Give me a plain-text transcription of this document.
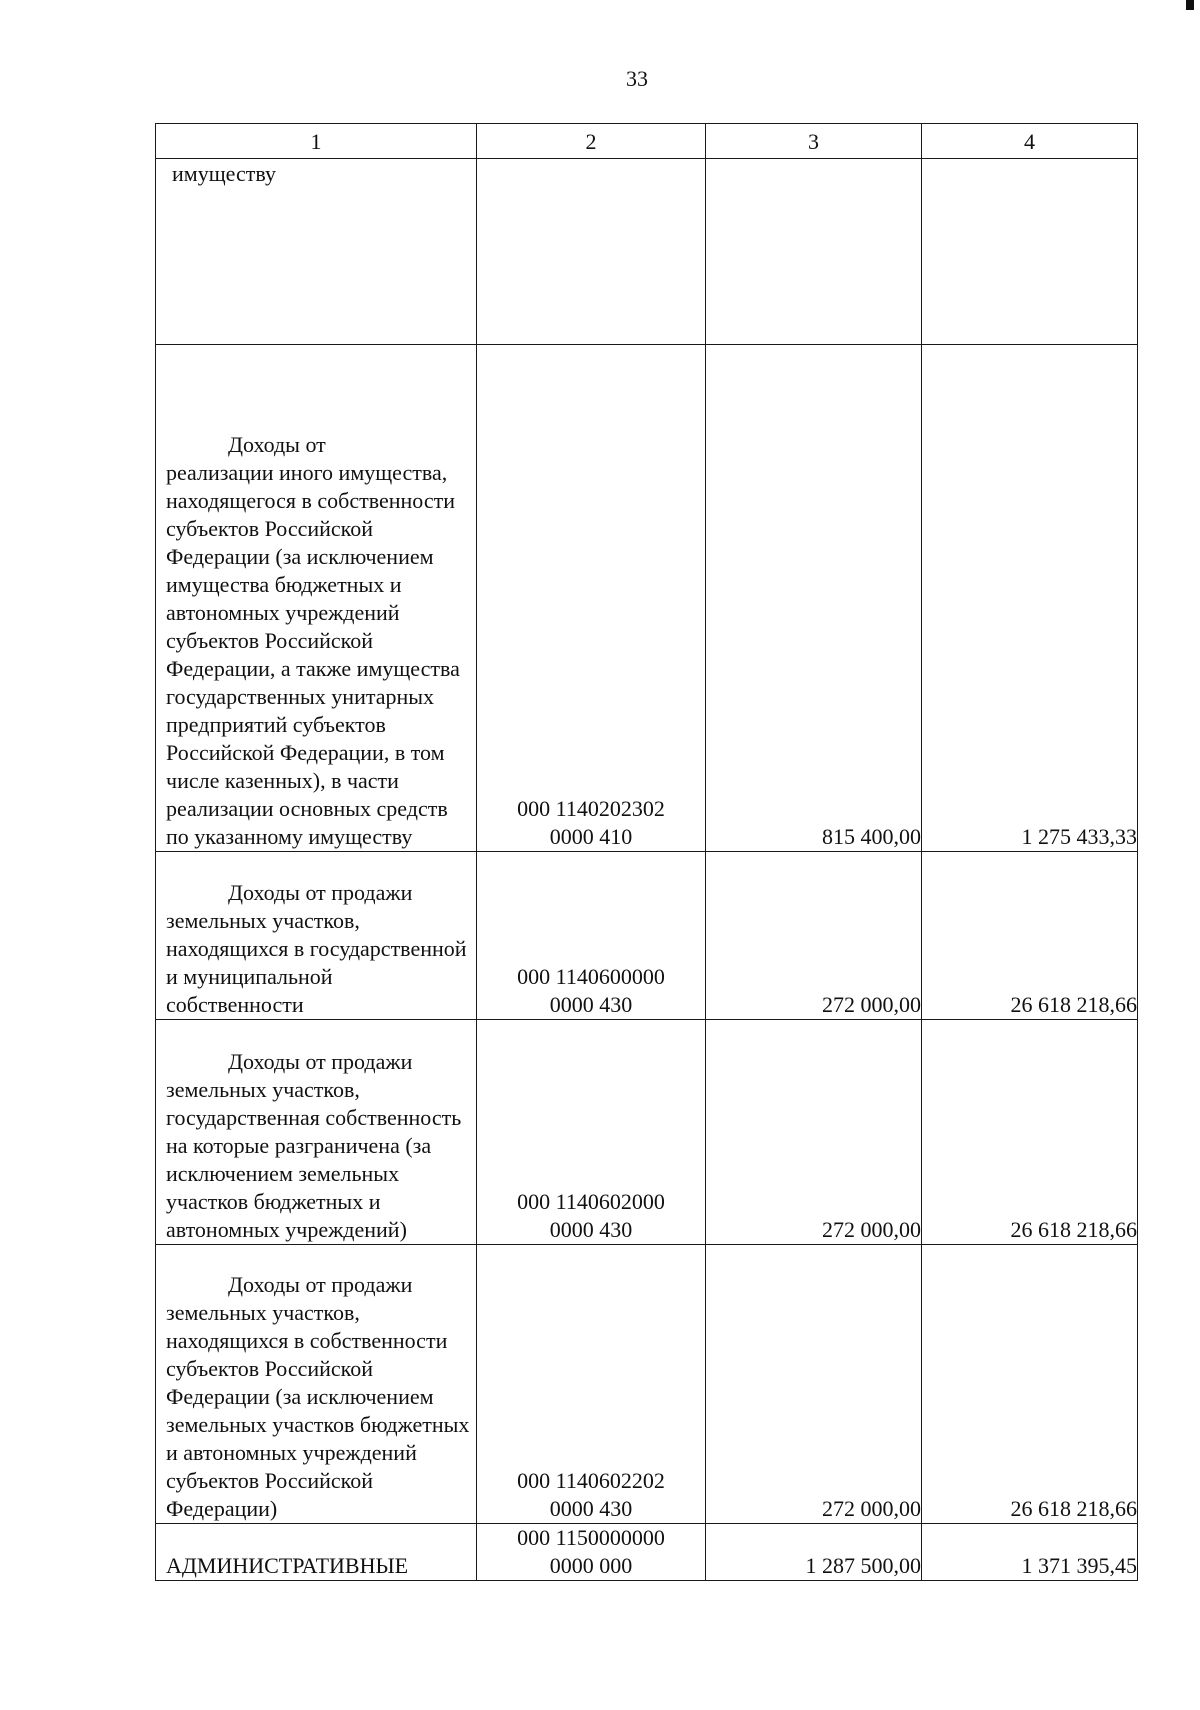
33
1	2	3	4

имуществу			

Доходы от
реализации иного имущества, находящегося в собственности субъектов Российской Федерации (за исключением имущества бюджетных и автономных учреждений субъектов Российской Федерации, а также имущества государственных унитарных предприятий субъектов Российской Федерации, в том числе казенных), в части реализации основных средств по указанному имуществу	000 1140202302
0000 410	815 400,00	1 275 433,33

Доходы от продажи
земельных участков, находящихся в государственной и муниципальной собственности	000 1140600000
0000 430	272 000,00	26 618 218,66

Доходы от продажи
земельных участков, государственная собственность на которые разграничена (за исключением земельных участков бюджетных и автономных учреждений)	000 1140602000
0000 430	272 000,00	26 618 218,66

Доходы от продажи
земельных участков, находящихся в собственности субъектов Российской Федерации (за исключением земельных участков бюджетных и автономных учреждений субъектов Российской Федерации)	000 1140602202
0000 430	272 000,00	26 618 218,66

АДМИНИСТРАТИВНЫЕ	000 1150000000
0000 000	1 287 500,00	1 371 395,45
